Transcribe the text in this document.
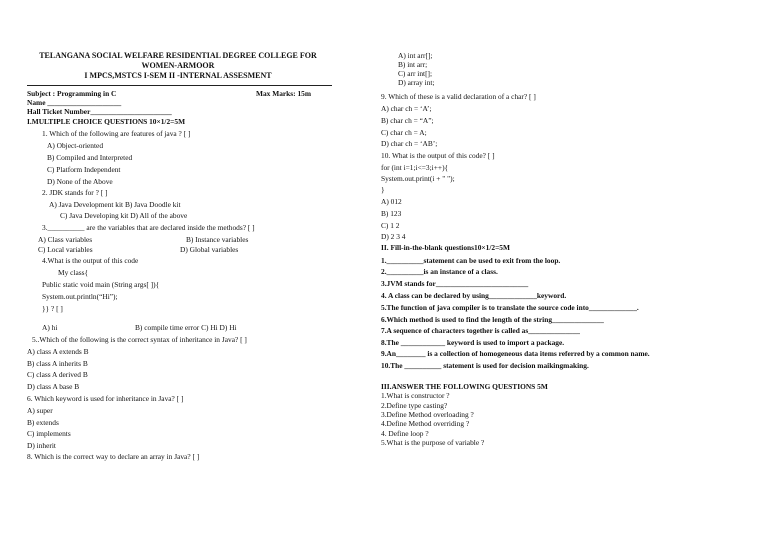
TELANGANA SOCIAL WELFARE RESIDENTIAL DEGREE COLLEGE FOR
WOMEN-ARMOOR
I MPCS,MSTCS I-SEM II -INTERNAL ASSESMENT
Subject : Programming in C	Max Marks: 15m
Name ____________________
Hall Ticket Number______________________
I.MULTIPLE CHOICE QUESTIONS 10×1/2=5M
1. Which of the following are features of java ? [ ]
A) Object-oriented
B) Compiled and Interpreted
C) Platform Independent
D) None of the Above
2. JDK stands for ? [ ]
A) Java Development kit B) Java Doodle kit
C) Java Developing kit D) All of the above
3.__________ are the variables that are declared inside the methods? [ ]
A) Class variables	B) Instance variables
C) Local variables	D) Global variables
4.What is the output of this code
My class{
Public static void main (String args[ ]){
System.out.println(“Hi”);
}} ? [ ]
A) hi	B) compile time error C) Hi D) Hi
5..Which of the following is the correct syntax of inheritance in Java? [ ]
A) class A extends B
B) class A inherits B
C) class A derived B
D) class A base B
6. Which keyword is used for inheritance in Java? [ ]
A) super
B) extends
C) implements
D) inherit
8. Which is the correct way to declare an array in Java? [ ]
A) int arr[];
B) int arr;
C) arr int[];
D) array int;
9. Which of these is a valid declaration of a char? [ ]
A) char ch = ‘A’;
B) char ch = “A”;
C) char ch = A;
D) char ch = ‘AB’;
10. What is the output of this code? [ ]
for (int i=1;i<=3;i++){
System.out.print(i + " ");
}
A) 012
B) 123
C) 1 2
D) 2 3 4
II. Fill-in-the-blank questions10×1/2=5M
1.__________statement can be used to exit from the loop.
2.__________is an instance of a class.
3.JVM stands for_________________________
4. A class can be declared by using_____________keyword.
5.The function of java compiler is to translate the source code into_____________.
6.Which method is used to find the length of the string______________
7.A sequence of characters together is called as______________
8.The ____________ keyword is used to import a package.
9.An________ is a collection of homogeneous data items referred by a common name.
10.The __________ statement is used for decision maikingmaking.
III.ANSWER THE FOLLOWING QUESTIONS 5M
1.What is constructor ?
2.Define type casting?
3.Define Method overloading ?
4.Define Method overriding ?
4. Define loop ?
5.What is the purpose of variable ?
